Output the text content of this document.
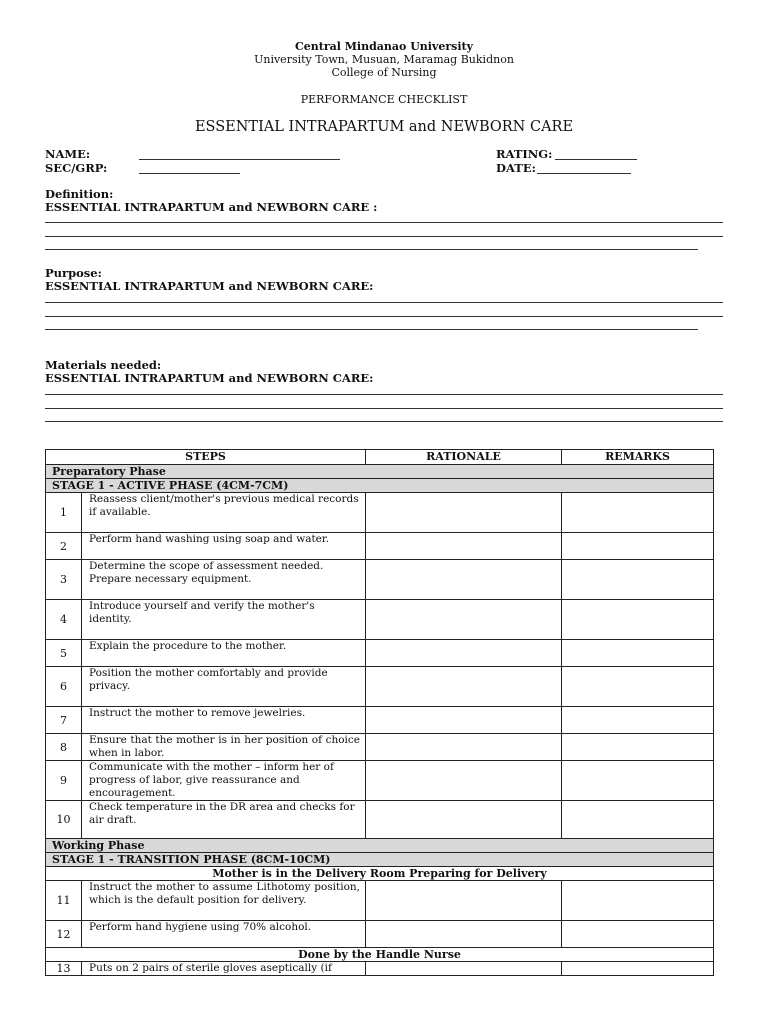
Central Mindanao University
University Town, Musuan, Maramag Bukidnon
College of Nursing
PERFORMANCE CHECKLIST
ESSENTIAL INTRAPARTUM and NEWBORN CARE
NAME:
SEC/GRP:
RATING:
DATE:
Definition:
ESSENTIAL INTRAPARTUM and NEWBORN CARE :
Purpose:
ESSENTIAL INTRAPARTUM and NEWBORN CARE:
Materials needed:
ESSENTIAL INTRAPARTUM and NEWBORN CARE:
STEPS		RATIONALE	REMARKS
Preparatory Phase			
STAGE 1 - ACTIVE PHASE (4CM-7CM)			
1	Reassess client/mother's previous medical records if available.		
2	Perform hand washing using soap and water.		
3	Determine the scope of assessment needed. Prepare necessary equipment.		
4	Introduce yourself and verify the mother's identity.		
5	Explain the procedure to the mother.		
6	Position the mother comfortably and provide privacy.		
7	Instruct the mother to remove jewelries.		
8	Ensure that the mother is in her position of choice when in labor.		
9	Communicate with the mother – inform her of progress of labor, give reassurance and encouragement.		
10	Check temperature in the DR area and checks for air draft.		
Working Phase			
STAGE 1 - TRANSITION PHASE (8CM-10CM)			
Mother is in the Delivery Room Preparing for Delivery			
11	Instruct the mother to assume Lithotomy position, which is the default position for delivery.		
12	Perform hand hygiene using 70% alcohol.		
Done by the Handle Nurse			
13	Puts on 2 pairs of sterile gloves aseptically (if		
